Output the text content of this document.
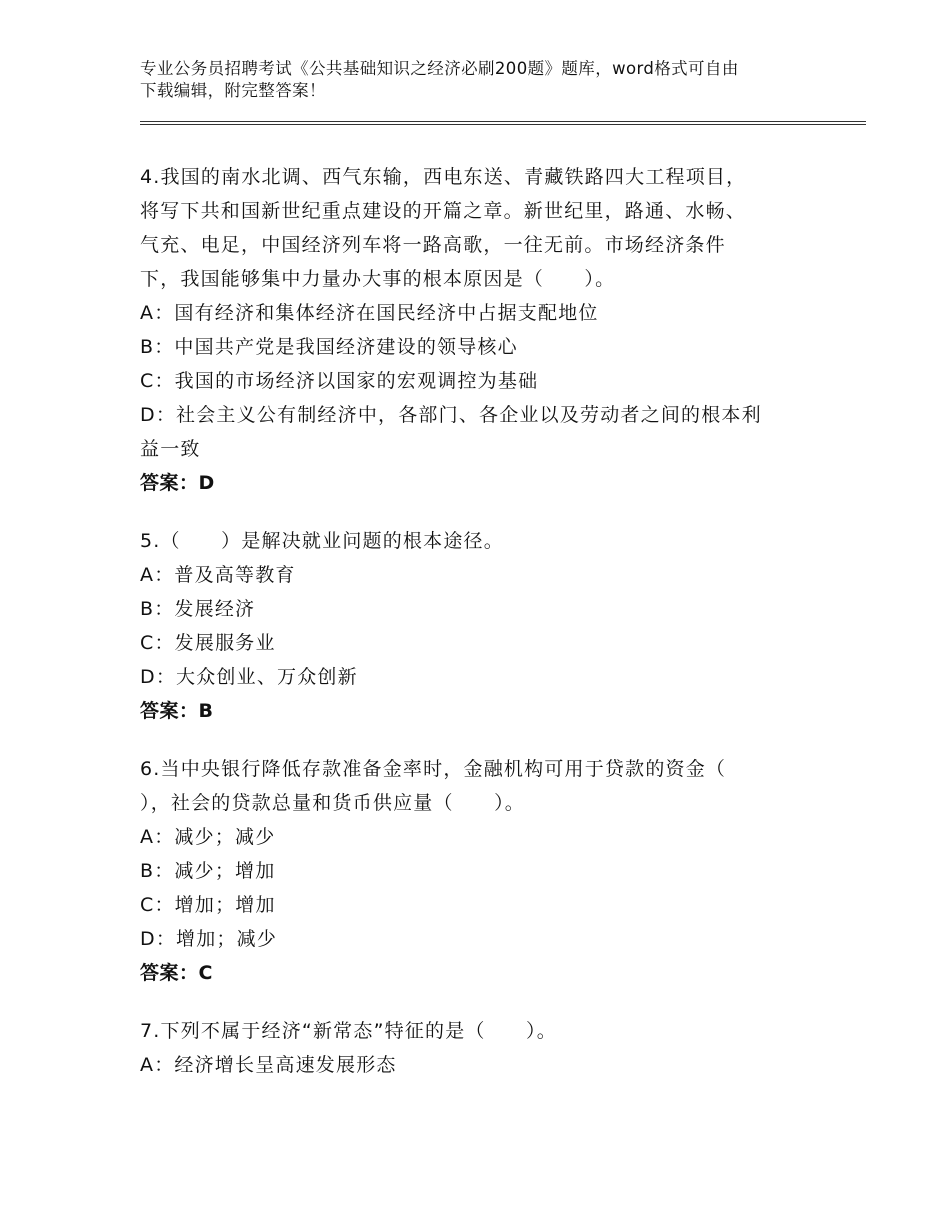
专业公务员招聘考试《公共基础知识之经济必刷200题》题库，word格式可自由
下载编辑，附完整答案！
4.我国的南水北调、西气东输，西电东送、青藏铁路四大工程项目，
将写下共和国新世纪重点建设的开篇之章。新世纪里，路通、水畅、
气充、电足，中国经济列车将一路高歌，一往无前。市场经济条件
下，我国能够集中力量办大事的根本原因是（　　）。
A：国有经济和集体经济在国民经济中占据支配地位
B：中国共产党是我国经济建设的领导核心
C：我国的市场经济以国家的宏观调控为基础
D：社会主义公有制经济中，各部门、各企业以及劳动者之间的根本利
益一致
答案：D
5.（　　）是解决就业问题的根本途径。
A：普及高等教育
B：发展经济
C：发展服务业
D：大众创业、万众创新
答案：B
6.当中央银行降低存款准备金率时，金融机构可用于贷款的资金（
），社会的贷款总量和货币供应量（　　）。
A：减少；减少
B：减少；增加
C：增加；增加
D：增加；减少
答案：C
7.下列不属于经济“新常态”特征的是（　　）。
A：经济增长呈高速发展形态
